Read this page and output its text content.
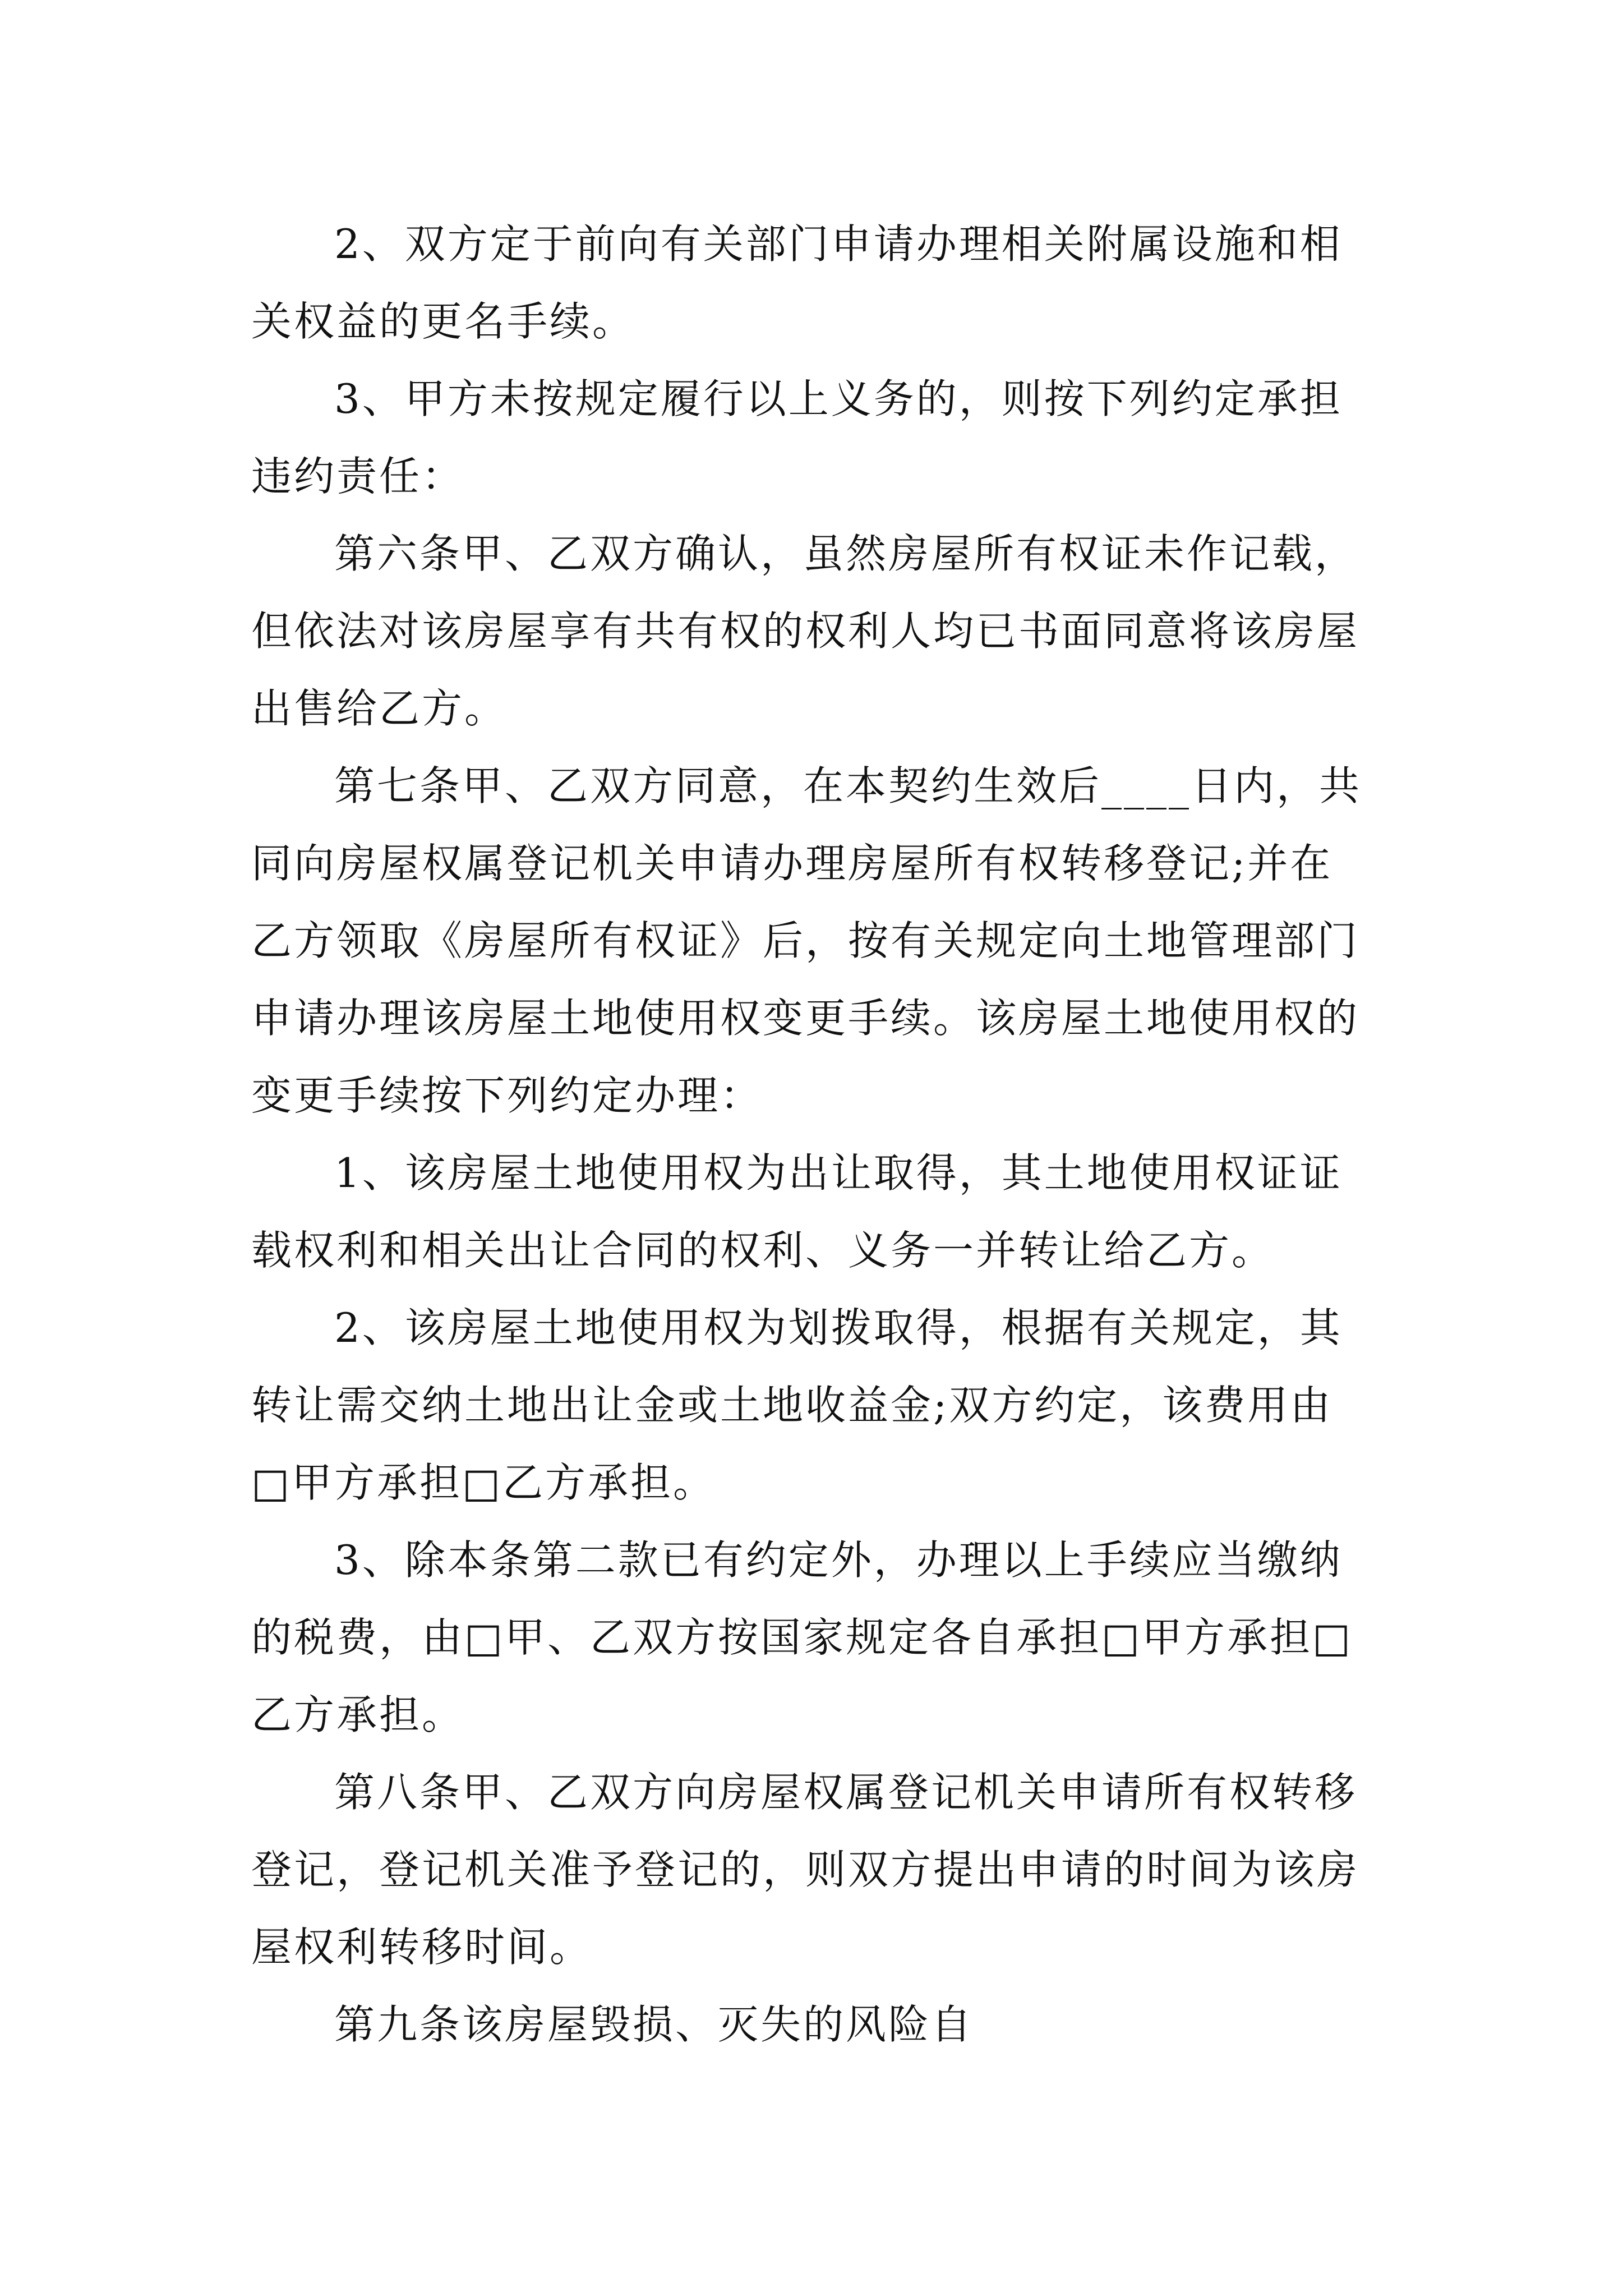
2、双方定于前向有关部门申请办理相关附属设施和相关权益的更名手续。

3、甲方未按规定履行以上义务的，则按下列约定承担违约责任：

第六条甲、乙双方确认，虽然房屋所有权证未作记载，但依法对该房屋享有共有权的权利人均已书面同意将该房屋出售给乙方。

第七条甲、乙双方同意，在本契约生效后____日内，共同向房屋权属登记机关申请办理房屋所有权转移登记;并在乙方领取《房屋所有权证》后，按有关规定向土地管理部门申请办理该房屋土地使用权变更手续。该房屋土地使用权的变更手续按下列约定办理：

1、该房屋土地使用权为出让取得，其土地使用权证证载权利和相关出让合同的权利、义务一并转让给乙方。

2、该房屋土地使用权为划拨取得，根据有关规定，其转让需交纳土地出让金或土地收益金;双方约定，该费用由□甲方承担□乙方承担。

3、除本条第二款已有约定外，办理以上手续应当缴纳的税费，由□甲、乙双方按国家规定各自承担□甲方承担□乙方承担。

第八条甲、乙双方向房屋权属登记机关申请所有权转移登记，登记机关准予登记的，则双方提出申请的时间为该房屋权利转移时间。

第九条该房屋毁损、灭失的风险自
